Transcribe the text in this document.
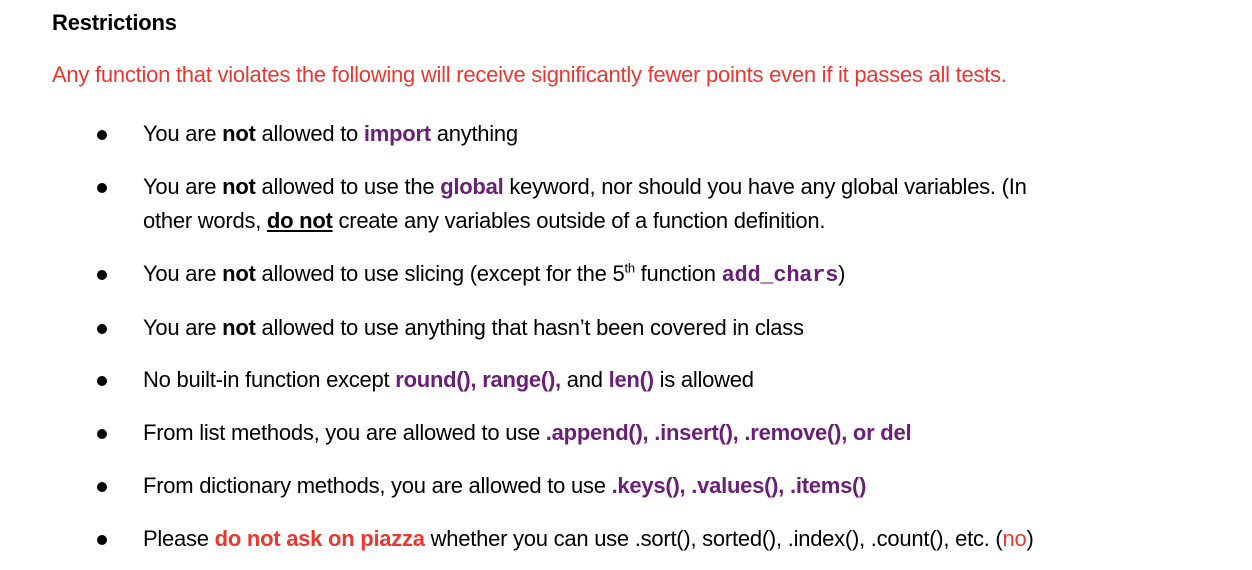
Restrictions
Any function that violates the following will receive significantly fewer points even if it passes all tests.
You are not allowed to import anything
You are not allowed to use the global keyword, nor should you have any global variables. (In
other words, do not create any variables outside of a function definition.
You are not allowed to use slicing (except for the 5th function add_chars)
You are not allowed to use anything that hasn’t been covered in class
No built-in function except round(), range(), and len() is allowed
From list methods, you are allowed to use .append(), .insert(), .remove(), or del
From dictionary methods, you are allowed to use .keys(), .values(), .items()
Please do not ask on piazza whether you can use .sort(), sorted(), .index(), .count(), etc. (no)
